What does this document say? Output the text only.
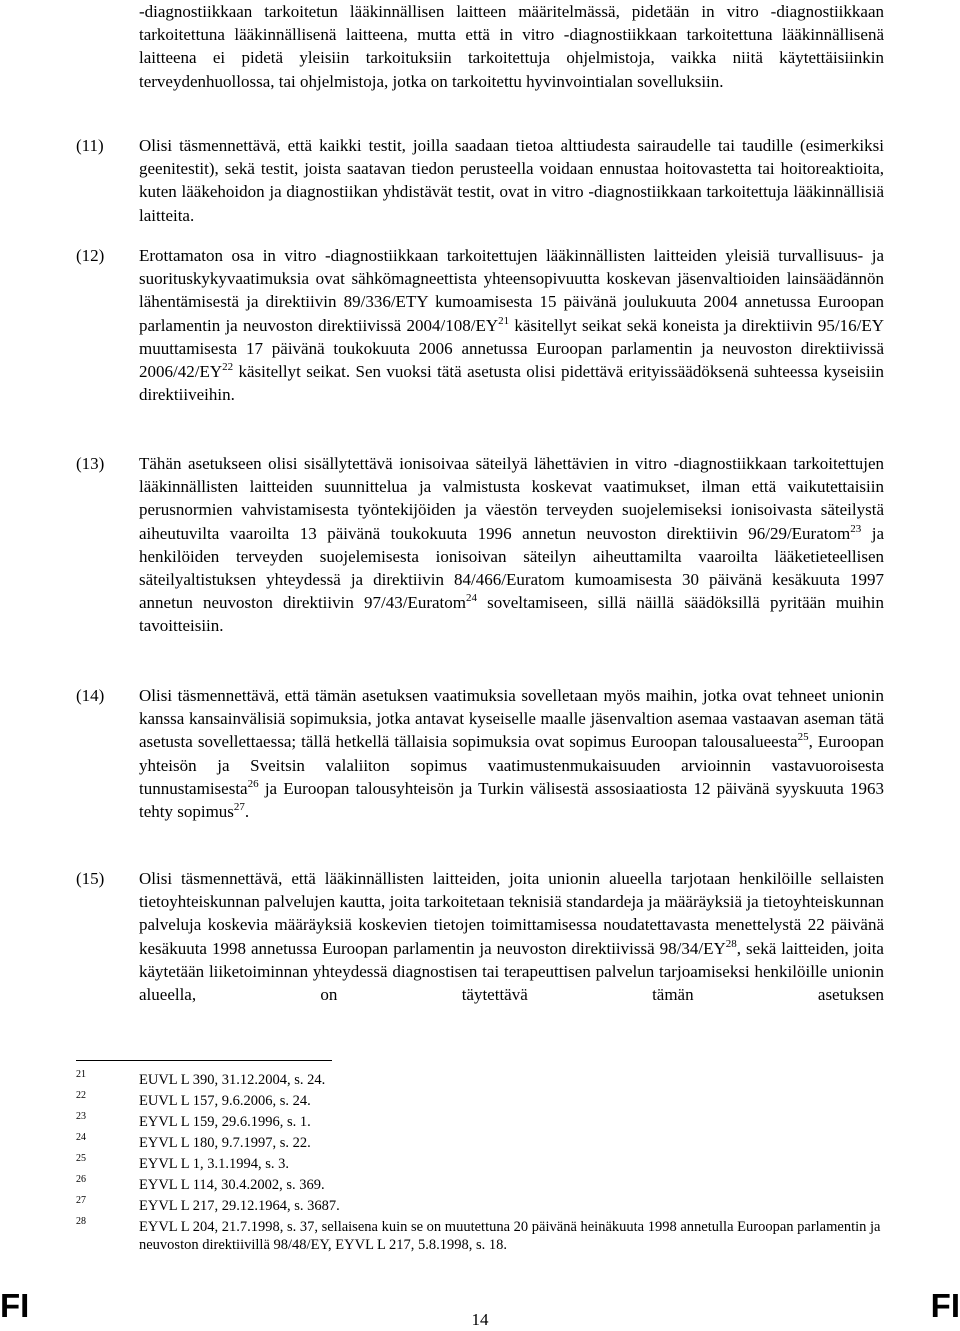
-diagnostiikkaan tarkoitetun lääkinnällisen laitteen määritelmässä, pidetään in vitro -diagnostiikkaan tarkoitettuna lääkinnällisenä laitteena, mutta että in vitro -diagnostiikkaan tarkoitettuna lääkinnällisenä laitteena ei pidetä yleisiin tarkoituksiin tarkoitettuja ohjelmistoja, vaikka niitä käytettäisiinkin terveydenhuollossa, tai ohjelmistoja, jotka on tarkoitettu hyvinvointialan sovelluksiin.

(11)	Olisi täsmennettävä, että kaikki testit, joilla saadaan tietoa alttiudesta sairaudelle tai taudille (esimerkiksi geenitestit), sekä testit, joista saatavan tiedon perusteella voidaan ennustaa hoitovastetta tai hoitoreaktioita, kuten lääkehoidon ja diagnostiikan yhdistävät testit, ovat in vitro -diagnostiikkaan tarkoitettuja lääkinnällisiä laitteita.

(12)	Erottamaton osa in vitro -diagnostiikkaan tarkoitettujen lääkinnällisten laitteiden yleisiä turvallisuus- ja suorituskykyvaatimuksia ovat sähkömagneettista yhteensopivuutta koskevan jäsenvaltioiden lainsäädännön lähentämisestä ja direktiivin 89/336/ETY kumoamisesta 15 päivänä joulukuuta 2004 annetussa Euroopan parlamentin ja neuvoston direktiivissä 2004/108/EY$^{21}$ käsitellyt seikat sekä koneista ja direktiivin 95/16/EY muuttamisesta 17 päivänä toukokuuta 2006 annetussa Euroopan parlamentin ja neuvoston direktiivissä 2006/42/EY$^{22}$ käsitellyt seikat. Sen vuoksi tätä asetusta olisi pidettävä erityissäädöksenä suhteessa kyseisiin direktiiveihin.

(13)	Tähän asetukseen olisi sisällytettävä ionisoivaa säteilyä lähettävien in vitro -diagnostiikkaan tarkoitettujen lääkinnällisten laitteiden suunnittelua ja valmistusta koskevat vaatimukset, ilman että vaikutettaisiin perusnormien vahvistamisesta työntekijöiden ja väestön terveyden suojelemiseksi ionisoivasta säteilystä aiheutuvilta vaaroilta 13 päivänä toukokuuta 1996 annetun neuvoston direktiivin 96/29/Euratom$^{23}$ ja henkilöiden terveyden suojelemisesta ionisoivan säteilyn aiheuttamilta vaaroilta lääketieteellisen säteilyaltistuksen yhteydessä ja direktiivin 84/466/Euratom kumoamisesta 30 päivänä kesäkuuta 1997 annetun neuvoston direktiivin 97/43/Euratom$^{24}$ soveltamiseen, sillä näillä säädöksillä pyritään muihin tavoitteisiin.

(14)	Olisi täsmennettävä, että tämän asetuksen vaatimuksia sovelletaan myös maihin, jotka ovat tehneet unionin kanssa kansainvälisiä sopimuksia, jotka antavat kyseiselle maalle jäsenvaltion asemaa vastaavan aseman tätä asetusta sovellettaessa; tällä hetkellä tällaisia sopimuksia ovat sopimus Euroopan talousalueesta$^{25}$, Euroopan yhteisön ja Sveitsin valaliiton sopimus vaatimustenmukaisuuden arvioinnin vastavuoroisesta tunnustamisesta$^{26}$ ja Euroopan talousyhteisön ja Turkin välisestä assosiaatiosta 12 päivänä syyskuuta 1963 tehty sopimus$^{27}$.

(15)	Olisi täsmennettävä, että lääkinnällisten laitteiden, joita unionin alueella tarjotaan henkilöille sellaisten tietoyhteiskunnan palvelujen kautta, joita tarkoitetaan teknisiä standardeja ja määräyksiä ja tietoyhteiskunnan palveluja koskevia määräyksiä koskevien tietojen toimittamisessa noudatettavasta menettelystä 22 päivänä kesäkuuta 1998 annetussa Euroopan parlamentin ja neuvoston direktiivissä 98/34/EY$^{28}$, sekä laitteiden, joita käytetään liiketoiminnan yhteydessä diagnostisen tai terapeuttisen palvelun tarjoamiseksi henkilöille unionin alueella, on täytettävä tämän asetuksen

21	EUVL L 390, 31.12.2004, s. 24.
22	EUVL L 157, 9.6.2006, s. 24.
23	EYVL L 159, 29.6.1996, s. 1.
24	EYVL L 180, 9.7.1997, s. 22.
25	EYVL L 1, 3.1.1994, s. 3.
26	EYVL L 114, 30.4.2002, s. 369.
27	EYVL L 217, 29.12.1964, s. 3687.
28	EYVL L 204, 21.7.1998, s. 37, sellaisena kuin se on muutettuna 20 päivänä heinäkuuta 1998 annetulla Euroopan parlamentin ja neuvoston direktiivillä 98/48/EY, EYVL L 217, 5.8.1998, s. 18.
FI	14	FI
